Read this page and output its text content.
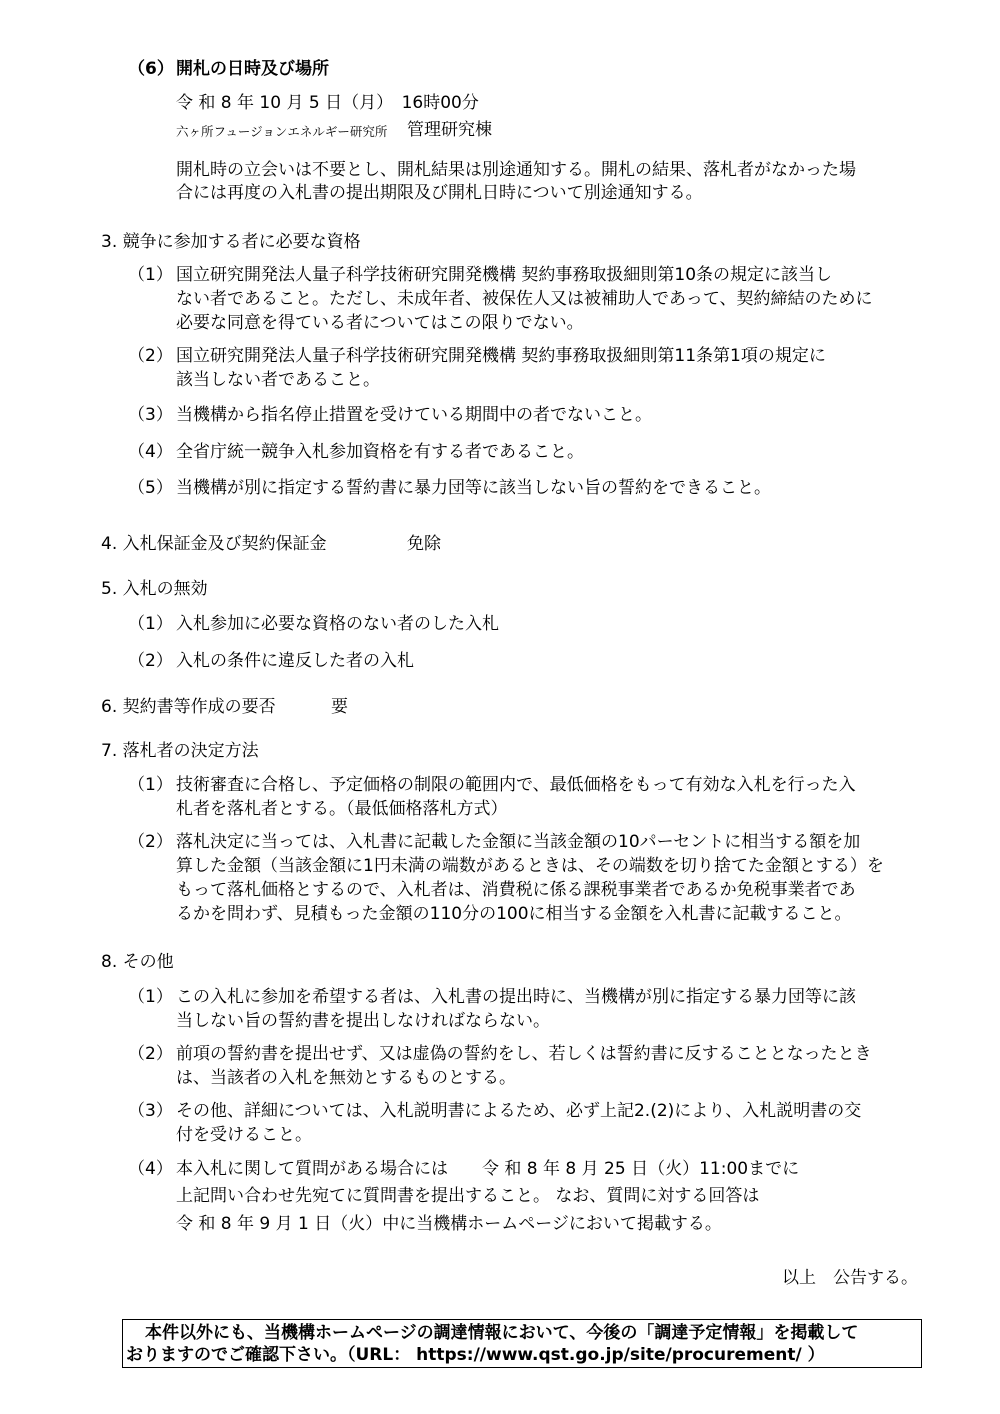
（6） 開札の日時及び場所
令 和 8 年 10 月 5 日（月）　16時00分
六ヶ所フュージョンエネルギー研究所 管理研究棟
開札時の立会いは不要とし、開札結果は別途通知する。開札の結果、落札者がなかった場
合には再度の入札書の提出期限及び開札日時について別途通知する。
3. 競争に参加する者に必要な資格
（1） 国立研究開発法人量子科学技術研究開発機構 契約事務取扱細則第10条の規定に該当し
ない者であること。ただし、未成年者、被保佐人又は被補助人であって、契約締結のために
必要な同意を得ている者についてはこの限りでない。
（2） 国立研究開発法人量子科学技術研究開発機構 契約事務取扱細則第11条第1項の規定に
該当しない者であること。
（3） 当機構から指名停止措置を受けている期間中の者でないこと。
（4） 全省庁統一競争入札参加資格を有する者であること。
（5） 当機構が別に指定する誓約書に暴力団等に該当しない旨の誓約をできること。
4. 入札保証金及び契約保証金	免除
5. 入札の無効
（1） 入札参加に必要な資格のない者のした入札
（2） 入札の条件に違反した者の入札
6. 契約書等作成の要否	要
7. 落札者の決定方法
（1） 技術審査に合格し、予定価格の制限の範囲内で、最低価格をもって有効な入札を行った入
札者を落札者とする。（最低価格落札方式）
（2） 落札決定に当っては、入札書に記載した金額に当該金額の10パーセントに相当する額を加
算した金額（当該金額に1円未満の端数があるときは、その端数を切り捨てた金額とする）を
もって落札価格とするので、入札者は、消費税に係る課税事業者であるか免税事業者であ
るかを問わず、見積もった金額の110分の100に相当する金額を入札書に記載すること。
8. その他
（1） この入札に参加を希望する者は、入札書の提出時に、当機構が別に指定する暴力団等に該
当しない旨の誓約書を提出しなければならない。
（2） 前項の誓約書を提出せず、又は虚偽の誓約をし、若しくは誓約書に反することとなったとき
は、当該者の入札を無効とするものとする。
（3） その他、詳細については、入札説明書によるため、必ず上記2.(2)により、入札説明書の交
付を受けること。
（4） 本入札に関して質問がある場合には　　令 和 8 年 8 月 25 日（火）11:00までに
上記問い合わせ先宛てに質問書を提出すること。 なお、質問に対する回答は
令 和 8 年 9 月 1 日（火）中に当機構ホームページにおいて掲載する。
以上　公告する。
本件以外にも、当機構ホームページの調達情報において、今後の「調達予定情報」を掲載して
おりますのでご確認下さい。（URL： https://www.qst.go.jp/site/procurement/ ）
